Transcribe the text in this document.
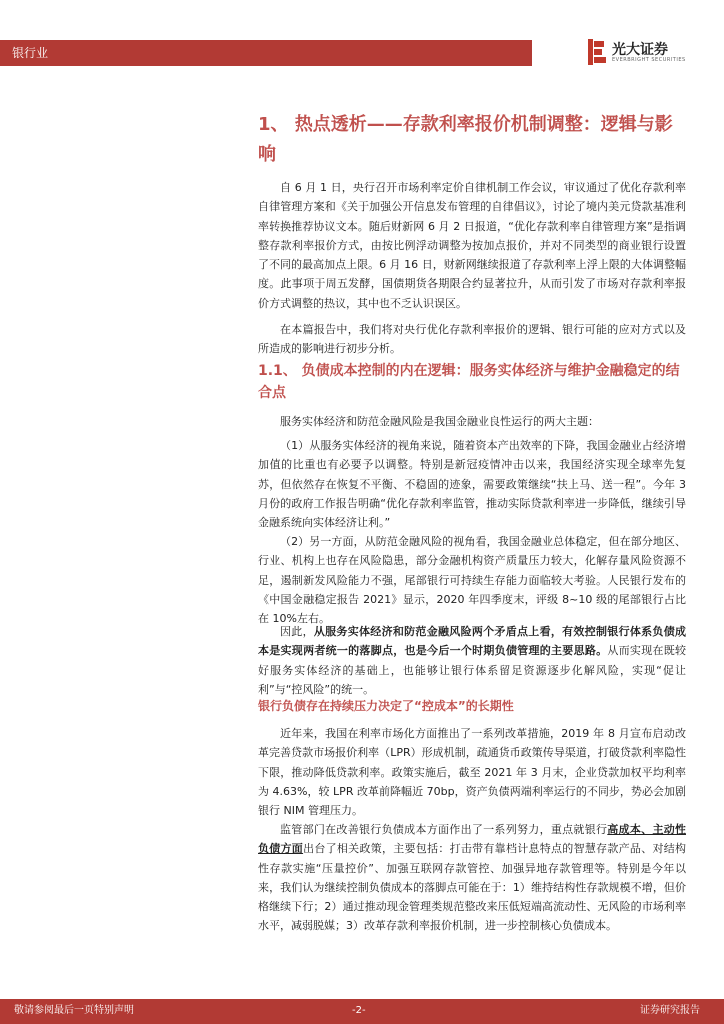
银行业	光大证券
EVERBRIGHT SECURITIES
1、 热点透析——存款利率报价机制调整：逻辑与影响

自 6 月 1 日，央行召开市场利率定价自律机制工作会议，审议通过了优化存款利率自律管理方案和《关于加强公开信息发布管理的自律倡议》，讨论了境内美元贷款基准利率转换推荐协议文本。随后财新网 6 月 2 日报道，“优化存款利率自律管理方案”是指调整存款利率报价方式，由按比例浮动调整为按加点报价，并对不同类型的商业银行设置了不同的最高加点上限。6 月 16 日，财新网继续报道了存款利率上浮上限的大体调整幅度。此事项于周五发酵，国债期货各期限合约显著拉升，从而引发了市场对存款利率报价方式调整的热议，其中也不乏认识误区。

在本篇报告中，我们将对央行优化存款利率报价的逻辑、银行可能的应对方式以及所造成的影响进行初步分析。

1.1、 负债成本控制的内在逻辑：服务实体经济与维护金融稳定的结合点

服务实体经济和防范金融风险是我国金融业良性运行的两大主题：

（1）从服务实体经济的视角来说，随着资本产出效率的下降，我国金融业占经济增加值的比重也有必要予以调整。特别是新冠疫情冲击以来，我国经济实现全球率先复苏，但依然存在恢复不平衡、不稳固的迹象，需要政策继续“扶上马、送一程”。今年 3 月份的政府工作报告明确“优化存款利率监管，推动实际贷款利率进一步降低，继续引导金融系统向实体经济让利。”

（2）另一方面，从防范金融风险的视角看，我国金融业总体稳定，但在部分地区、行业、机构上也存在风险隐患，部分金融机构资产质量压力较大，化解存量风险资源不足，遏制新发风险能力不强，尾部银行可持续生存能力面临较大考验。人民银行发布的《中国金融稳定报告 2021》显示，2020 年四季度末，评级 8~10 级的尾部银行占比在 10%左右。

因此，从服务实体经济和防范金融风险两个矛盾点上看，有效控制银行体系负债成本是实现两者统一的落脚点，也是今后一个时期负债管理的主要思路。从而实现在既较好服务实体经济的基础上，也能够让银行体系留足资源逐步化解风险，实现“促让利”与“控风险”的统一。

银行负债存在持续压力决定了“控成本”的长期性

近年来，我国在利率市场化方面推出了一系列改革措施，2019 年 8 月宣布启动改革完善贷款市场报价利率（LPR）形成机制，疏通货币政策传导渠道，打破贷款利率隐性下限，推动降低贷款利率。政策实施后，截至 2021 年 3 月末，企业贷款加权平均利率为 4.63%，较 LPR 改革前降幅近 70bp，资产负债两端利率运行的不同步，势必会加剧银行 NIM 管理压力。

监管部门在改善银行负债成本方面作出了一系列努力，重点就银行高成本、主动性负债方面出台了相关政策，主要包括：打击带有靠档计息特点的智慧存款产品、对结构性存款实施“压量控价”、加强互联网存款管控、加强异地存款管理等。特别是今年以来，我们认为继续控制负债成本的落脚点可能在于：1）维持结构性存款规模不增，但价格继续下行；2）通过推动现金管理类规范整改来压低短端高流动性、无风险的市场利率水平，减弱脱媒；3）改革存款利率报价机制，进一步控制核心负债成本。

敬请参阅最后一页特别声明	-2-	证券研究报告
